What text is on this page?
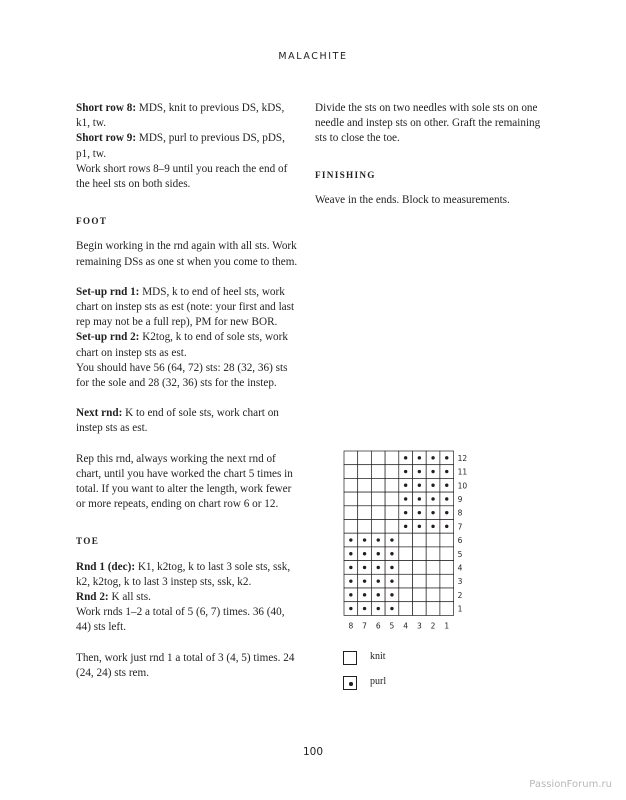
MALACHITE

Short row 8: MDS, knit to previous DS, kDS, k1, tw.

Short row 9: MDS, purl to previous DS, pDS, p1, tw.

Work short rows 8–9 until you reach the end of the heel sts on both sides.

FOOT

Begin working in the rnd again with all sts. Work remaining DSs as one st when you come to them.

Set-up rnd 1: MDS, k to end of heel sts, work chart on instep sts as est (note: your first and last rep may not be a full rep), PM for new BOR.

Set-up rnd 2: K2tog, k to end of sole sts, work chart on instep sts as est.

You should have 56 (64, 72) sts: 28 (32, 36) sts for the sole and 28 (32, 36) sts for the instep.

Next rnd: K to end of sole sts, work chart on instep sts as est.

Rep this rnd, always working the next rnd of chart, until you have worked the chart 5 times in total. If you want to alter the length, work fewer or more repeats, ending on chart row 6 or 12.

TOE

Rnd 1 (dec): K1, k2tog, k to last 3 sole sts, ssk, k2, k2tog, k to last 3 instep sts, ssk, k2.

Rnd 2: K all sts.

Work rnds 1–2 a total of 5 (6, 7) times. 36 (40, 44) sts left.

Then, work just rnd 1 a total of 3 (4, 5) times. 24 (24, 24) sts rem.

Divide the sts on two needles with sole sts on one needle and instep sts on other. Graft the remaining sts to close the toe.

FINISHING

Weave in the ends. Block to measurements.

12
11
10
9
8
7
6
5
4
3
2
1
8 7 6 5 4 3 2 1
knit
purl
100
PassionForum.ru
